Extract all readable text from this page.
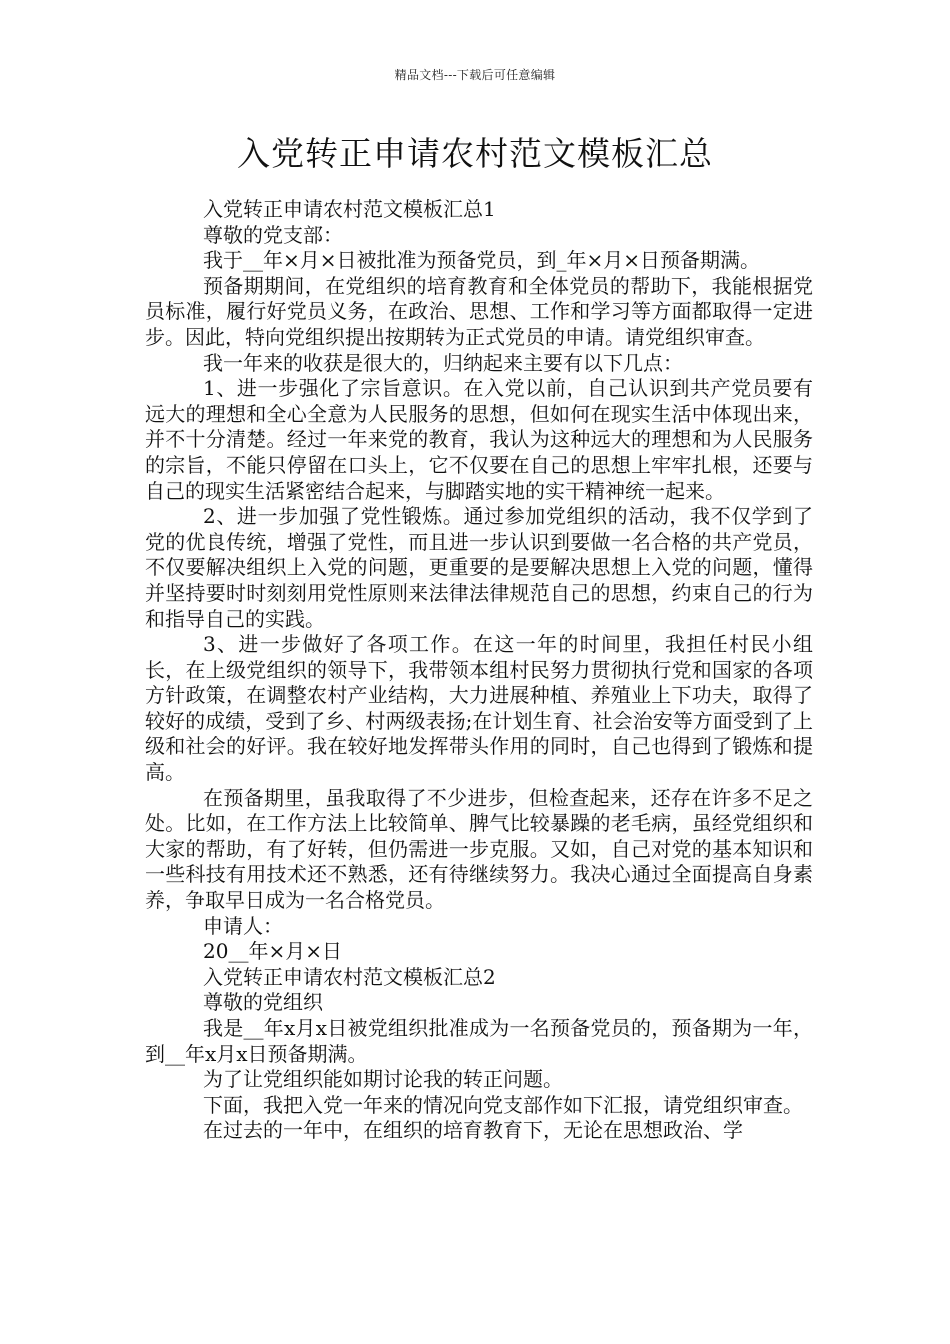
精品文档---下载后可任意编辑
入党转正申请农村范文模板汇总

入党转正申请农村范文模板汇总1

尊敬的党支部：

我于__年×月×日被批准为预备党员，到_年×月×日预备期满。

预备期期间，在党组织的培育教育和全体党员的帮助下，我能根据党员标准，履行好党员义务，在政治、思想、工作和学习等方面都取得一定进步。因此，特向党组织提出按期转为正式党员的申请。请党组织审查。

我一年来的收获是很大的，归纳起来主要有以下几点：

1、进一步强化了宗旨意识。在入党以前，自己认识到共产党员要有远大的理想和全心全意为人民服务的思想，但如何在现实生活中体现出来，并不十分清楚。经过一年来党的教育，我认为这种远大的理想和为人民服务的宗旨，不能只停留在口头上，它不仅要在自己的思想上牢牢扎根，还要与自己的现实生活紧密结合起来，与脚踏实地的实干精神统一起来。

2、进一步加强了党性锻炼。通过参加党组织的活动，我不仅学到了党的优良传统，增强了党性，而且进一步认识到要做一名合格的共产党员，不仅要解决组织上入党的问题，更重要的是要解决思想上入党的问题，懂得并坚持要时时刻刻用党性原则来法律法律规范自己的思想，约束自己的行为和指导自己的实践。

3、进一步做好了各项工作。在这一年的时间里，我担任村民小组长，在上级党组织的领导下，我带领本组村民努力贯彻执行党和国家的各项方针政策，在调整农村产业结构，大力进展种植、养殖业上下功夫，取得了较好的成绩，受到了乡、村两级表扬;在计划生育、社会治安等方面受到了上级和社会的好评。我在较好地发挥带头作用的同时，自己也得到了锻炼和提高。

在预备期里，虽我取得了不少进步，但检查起来，还存在许多不足之处。比如，在工作方法上比较简单、脾气比较暴躁的老毛病，虽经党组织和大家的帮助，有了好转，但仍需进一步克服。又如，自己对党的基本知识和一些科技有用技术还不熟悉，还有待继续努力。我决心通过全面提高自身素养，争取早日成为一名合格党员。

申请人：

20__年×月×日

入党转正申请农村范文模板汇总2

尊敬的党组织

我是__年x月x日被党组织批准成为一名预备党员的，预备期为一年，到__年x月x日预备期满。

为了让党组织能如期讨论我的转正问题。

下面，我把入党一年来的情况向党支部作如下汇报，请党组织审查。

在过去的一年中，在组织的培育教育下，无论在思想政治、学
